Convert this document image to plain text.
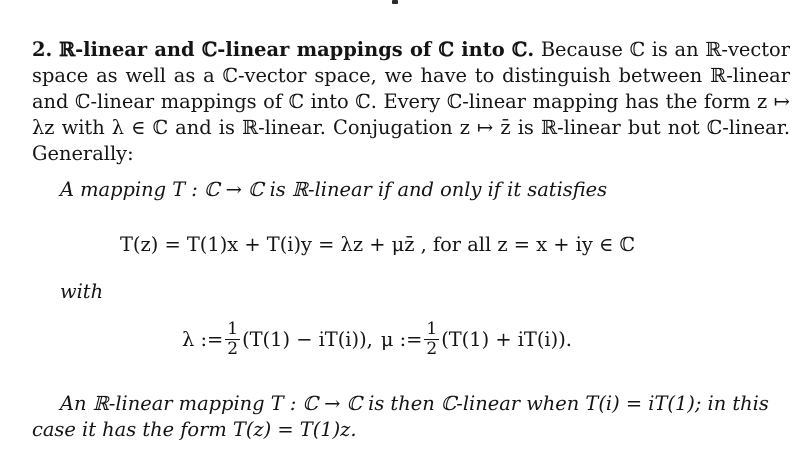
2. ℝ-linear and ℂ-linear mappings of ℂ into ℂ. Because ℂ is an ℝ-vector space as well as a ℂ-vector space, we have to distinguish between ℝ-linear and ℂ-linear mappings of ℂ into ℂ. Every ℂ-linear mapping has the form z ↦ λz with λ ∈ ℂ and is ℝ-linear. Conjugation z ↦ z̄ is ℝ-linear but not ℂ-linear. Generally:

A mapping T : ℂ → ℂ is ℝ-linear if and only if it satisfies

T(z) = T(1)x + T(i)y = λz + μz̄ , for all z = x + iy ∈ ℂ

with

λ := $\frac{1}{2} (T(1) - iT(i))$, μ := $\frac{1}{2} (T(1) + iT(i))$.

An ℝ-linear mapping T : ℂ → ℂ is then ℂ-linear when T(i) = iT(1); in this case it has the form T(z) = T(1)z.
